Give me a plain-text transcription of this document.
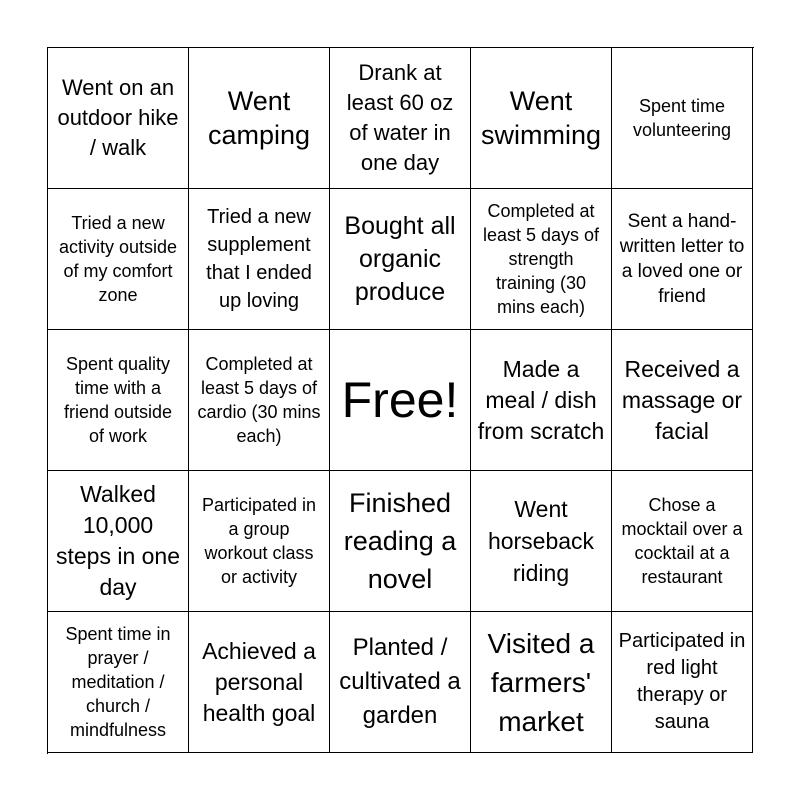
Went on an outdoor hike / walk
Went camping
Drank at least 60 oz of water in one day
Went swimming
Spent time volunteering
Tried a new activity outside of my comfort zone
Tried a new supplement that I ended up loving
Bought all organic produce
Completed at least 5 days of strength training (30 mins each)
Sent a hand-written letter to a loved one or friend
Spent quality time with a friend outside of work
Completed at least 5 days of cardio (30 mins each)
Free!
Made a meal / dish from scratch
Received a massage or facial
Walked 10,000 steps in one day
Participated in a group workout class or activity
Finished reading a novel
Went horseback riding
Chose a mocktail over a cocktail at a restaurant
Spent time in prayer / meditation / church / mindfulness
Achieved a personal health goal
Planted / cultivated a garden
Visited a farmers' market
Participated in red light therapy or sauna
